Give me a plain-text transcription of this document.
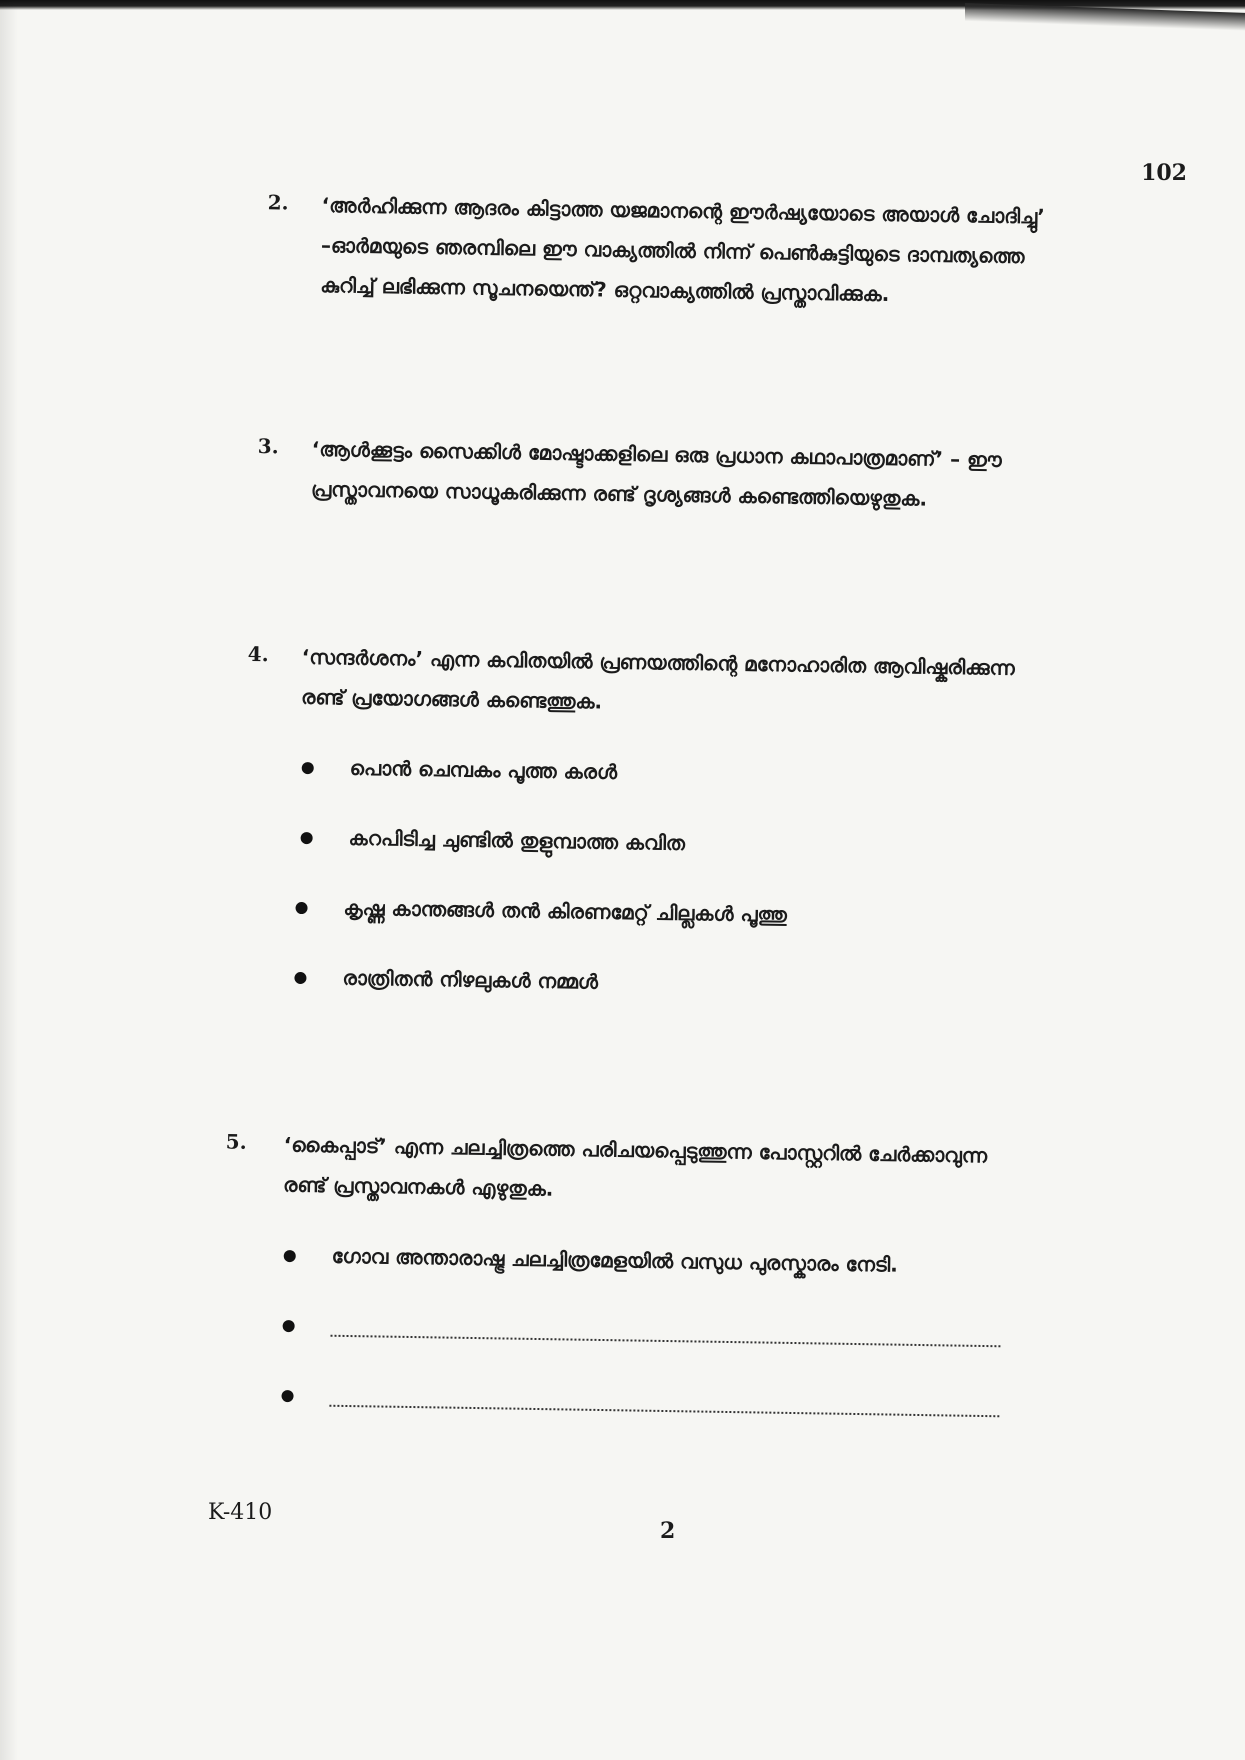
102
2. ‘അർഹിക്കുന്ന ആദരം കിട്ടാത്ത യജമാനന്റെ ഈർഷ്യയോടെ അയാൾ ചോദിച്ചു’
–ഓർമയുടെ ഞരമ്പിലെ ഈ വാക്യത്തിൽ നിന്ന് പെൺകുട്ടിയുടെ ദാമ്പത്യത്തെ
കുറിച്ച് ലഭിക്കുന്ന സൂചനയെന്ത്? ഒറ്റവാക്യത്തിൽ പ്രസ്താവിക്കുക.
3. ‘ആൾക്കൂട്ടം സൈക്കിൾ മോഷ്ടാക്കളിലെ ഒരു പ്രധാന കഥാപാത്രമാണ്’ – ഈ
പ്രസ്താവനയെ സാധൂകരിക്കുന്ന രണ്ട് ദൃശ്യങ്ങൾ കണ്ടെത്തിയെഴുതുക.
4. ‘സന്ദർശനം’ എന്ന കവിതയിൽ പ്രണയത്തിന്റെ മനോഹാരിത ആവിഷ്കരിക്കുന്ന
രണ്ട് പ്രയോഗങ്ങൾ കണ്ടെത്തുക.
പൊൻ ചെമ്പകം പൂത്ത കരൾ
കറപിടിച്ച ചുണ്ടിൽ തുളുമ്പാത്ത കവിത
കൃഷ്ണ കാന്തങ്ങൾ തൻ കിരണമേറ്റ് ചില്ലകൾ പൂത്തു
രാത്രിതൻ നിഴലുകൾ നമ്മൾ
5. ‘കൈപ്പാട്’ എന്ന ചലച്ചിത്രത്തെ പരിചയപ്പെടുത്തുന്ന പോസ്റ്ററിൽ ചേർക്കാവുന്ന
രണ്ട് പ്രസ്താവനകൾ എഴുതുക.
ഗോവ അന്താരാഷ്ട്ര ചലച്ചിത്രമേളയിൽ വസുധ പുരസ്കാരം നേടി.
K-410
2
